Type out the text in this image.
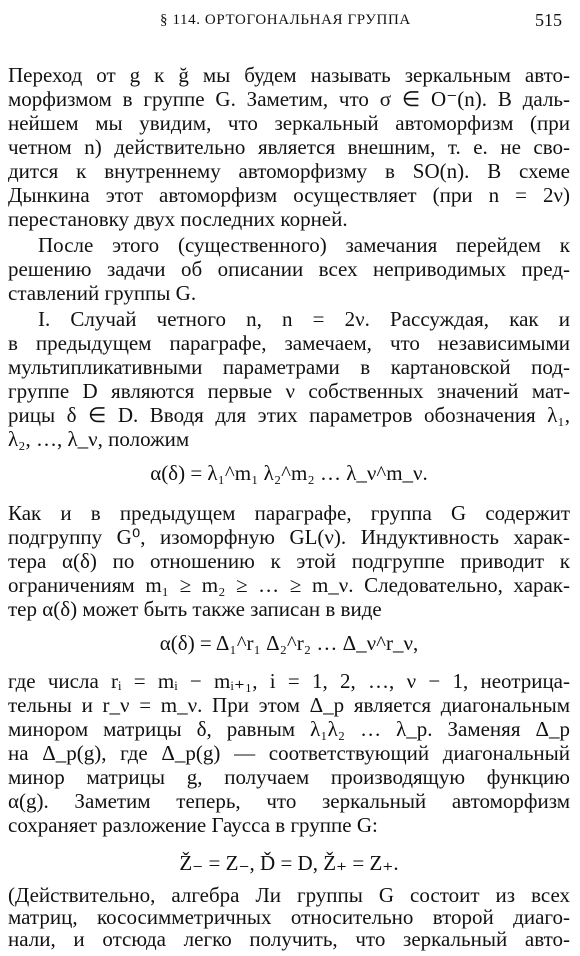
§ 114. ОРТОГОНАЛЬНАЯ ГРУППА	515
Переход от g к ğ мы будем называть зеркальным авто-
морфизмом в группе G. Заметим, что σ ∈ O⁻(n). В даль-
нейшем мы увидим, что зеркальный автоморфизм (при
четном n) действительно является внешним, т. е. не сво-
дится к внутреннему автоморфизму в SO(n). В схеме
Дынкина этот автоморфизм осуществляет (при n = 2ν)
перестановку двух последних корней.
После этого (существенного) замечания перейдем к
решению задачи об описании всех неприводимых пред-
ставлений группы G.
I. Случай четного n, n = 2ν. Рассуждая, как и
в предыдущем параграфе, замечаем, что независимыми
мультипликативными параметрами в картановской под-
группе D являются первые ν собственных значений мат-
рицы δ ∈ D. Вводя для этих параметров обозначения λ₁,
λ₂, …, λ_ν, положим
α(δ) = λ₁^m₁ λ₂^m₂ … λ_ν^m_ν.
Как и в предыдущем параграфе, группа G содержит
подгруппу G⁰, изоморфную GL(ν). Индуктивность харак-
тера α(δ) по отношению к этой подгруппе приводит к
ограничениям m₁ ≥ m₂ ≥ … ≥ m_ν. Следовательно, харак-
тер α(δ) может быть также записан в виде
α(δ) = Δ₁^r₁ Δ₂^r₂ … Δ_ν^r_ν,
где числа rᵢ = mᵢ − mᵢ₊₁, i = 1, 2, …, ν − 1, неотрица-
тельны и r_ν = m_ν. При этом Δ_p является диагональным
минором матрицы δ, равным λ₁λ₂ … λ_p. Заменяя Δ_p
на Δ_p(g), где Δ_p(g) — соответствующий диагональный
минор матрицы g, получаем производящую функцию
α(g). Заметим теперь, что зеркальный автоморфизм
сохраняет разложение Гаусса в группе G:
Ž₋ = Z₋, Ď = D, Ž₊ = Z₊.
(Действительно, алгебра Ли группы G состоит из всех
матриц, кососимметричных относительно второй диаго-
нали, и отсюда легко получить, что зеркальный авто-
